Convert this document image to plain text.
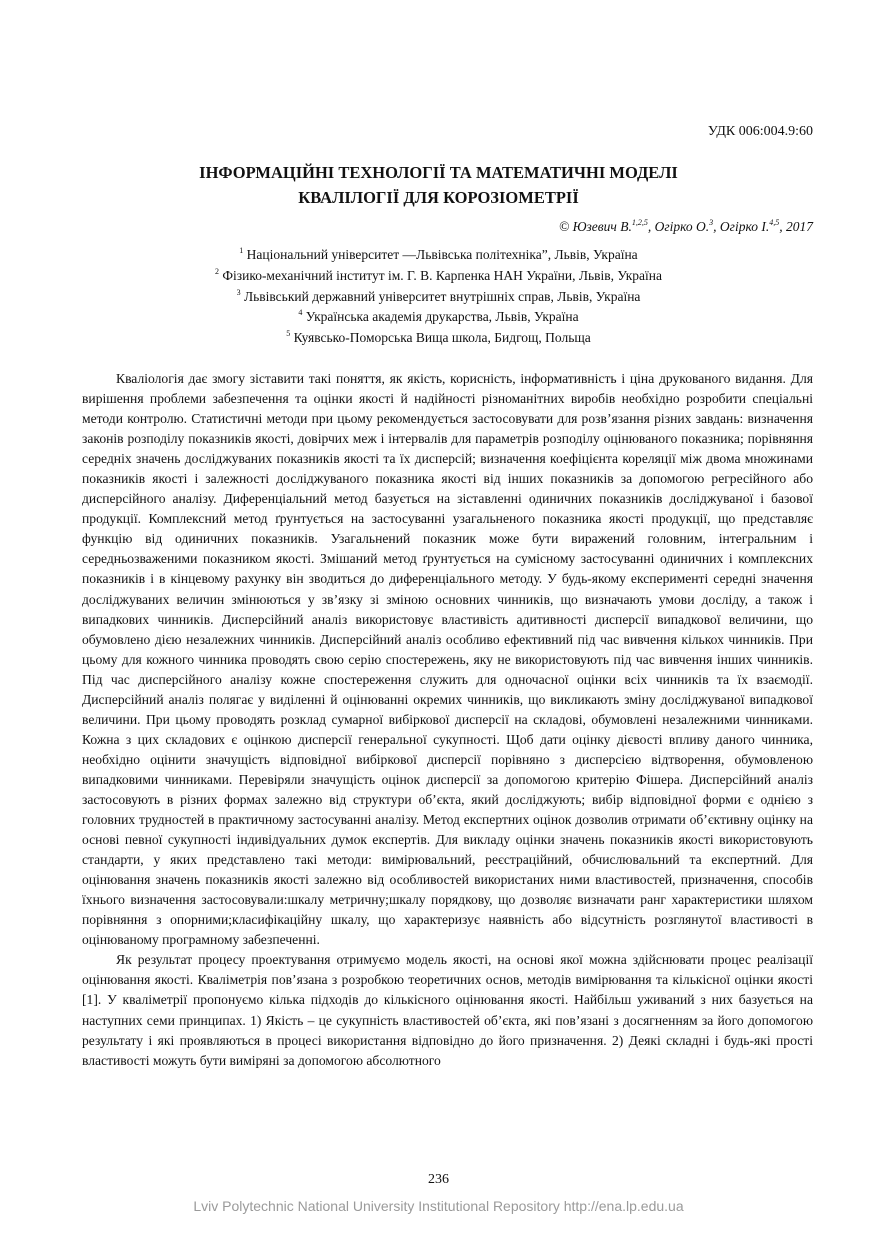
УДК 006:004.9:60
ІНФОРМАЦІЙНІ ТЕХНОЛОГІЇ ТА МАТЕМАТИЧНІ МОДЕЛІ
КВАЛІЛОГІЇ ДЛЯ КОРОЗІОМЕТРІЇ
© Юзевич В.$^{1,2,5}$, Огірко О.$^3$, Огірко І.$^{4,5}$, 2017
$^1$ Національний університет ―Львівська політехніка”, Львів, Україна
$^2$ Фізико-механічний інститут ім. Г. В. Карпенка НАН України, Львів, Україна
$^3$ Львівський державний університет внутрішніх справ, Львів, Україна
$^4$ Українська академія друкарства, Львів, Україна
$^5$ Куявсько-Поморська Вища школа, Бидгощ, Польща

Кваліологія дає змогу зіставити такі поняття, як якість, корисність, інформативність і ціна друкованого видання. Для вирішення проблеми забезпечення та оцінки якості й надійності різноманітних виробів необхідно розробити спеціальні методи контролю. Статистичні методи при цьому рекомендується застосовувати для розв’язання різних завдань: визначення законів розподілу показників якості, довірчих меж і інтервалів для параметрів розподілу оцінюваного показника; порівняння середніх значень досліджуваних показників якості та їх дисперсій; визначення коефіцієнта кореляції між двома множинами показників якості і залежності досліджуваного показника якості від інших показників за допомогою регресійного або дисперсійного аналізу. Диференціальний метод базується на зіставленні одиничних показників досліджуваної і базової продукції. Комплексний метод ґрунтується на застосуванні узагальненого показника якості продукції, що представляє функцію від одиничних показників. Узагальнений показник може бути виражений головним, інтегральним і середньозваженими показником якості. Змішаний метод ґрунтується на сумісному застосуванні одиничних і комплексних показників і в кінцевому рахунку він зводиться до диференціального методу. У будь-якому експерименті середні значення досліджуваних величин змінюються у зв’язку зі зміною основних чинників, що визначають умови досліду, а також і випадкових чинників. Дисперсійний аналіз використовує властивість адитивності дисперсії випадкової величини, що обумовлено дією незалежних чинників. Дисперсійний аналіз особливо ефективний під час вивчення кількох чинників. При цьому для кожного чинника проводять свою серію спостережень, яку не використовують під час вивчення інших чинників. Під час дисперсійного аналізу кожне спостереження служить для одночасної оцінки всіх чинників та їх взаємодії. Дисперсійний аналіз полягає у виділенні й оцінюванні окремих чинників, що викликають зміну досліджуваної випадкової величини. При цьому проводять розклад сумарної вибіркової дисперсії на складові, обумовлені незалежними чинниками. Кожна з цих складових є оцінкою дисперсії генеральної сукупності. Щоб дати оцінку дієвості впливу даного чинника, необхідно оцінити значущість відповідної вибіркової дисперсії порівняно з дисперсією відтворення, обумовленою випадковими чинниками. Перевіряли значущість оцінок дисперсії за допомогою критерію Фішера. Дисперсійний аналіз застосовують в різних формах залежно від структури об’єкта, який досліджують; вибір відповідної форми є однією з головних трудностей в практичному застосуванні аналізу. Метод експертних оцінок дозволив отримати об’єктивну оцінку на основі певної сукупності індивідуальних думок експертів. Для викладу оцінки значень показників якості використовують стандарти, у яких представлено такі методи: вимірювальний, реєстраційний, обчислювальний та експертний. Для оцінювання значень показників якості залежно від особливостей використаних ними властивостей, призначення, способів їхнього визначення застосовували:шкалу метричну;шкалу порядкову, що дозволяє визначати ранг характеристики шляхом порівняння з опорними;класифікаційну шкалу, що характеризує наявність або відсутність розглянутої властивості в оцінюваному програмному забезпеченні.

Як результат процесу проектування отримуємо модель якості, на основі якої можна здійснювати процес реалізації оцінювання якості. Кваліметрія пов’язана з розробкою теоретичних основ, методів вимірювання та кількісної оцінки якості [1]. У кваліметрії пропонуємо кілька підходів до кількісного оцінювання якості. Найбільш уживаний з них базується на наступних семи принципах. 1) Якість – це сукупність властивостей об’єкта, які пов’язані з досягненням за його допомогою результату і які проявляються в процесі використання відповідно до його призначення. 2) Деякі складні і будь-які прості властивості можуть бути виміряні за допомогою абсолютного

236
Lviv Polytechnic National University Institutional Repository http://ena.lp.edu.ua
